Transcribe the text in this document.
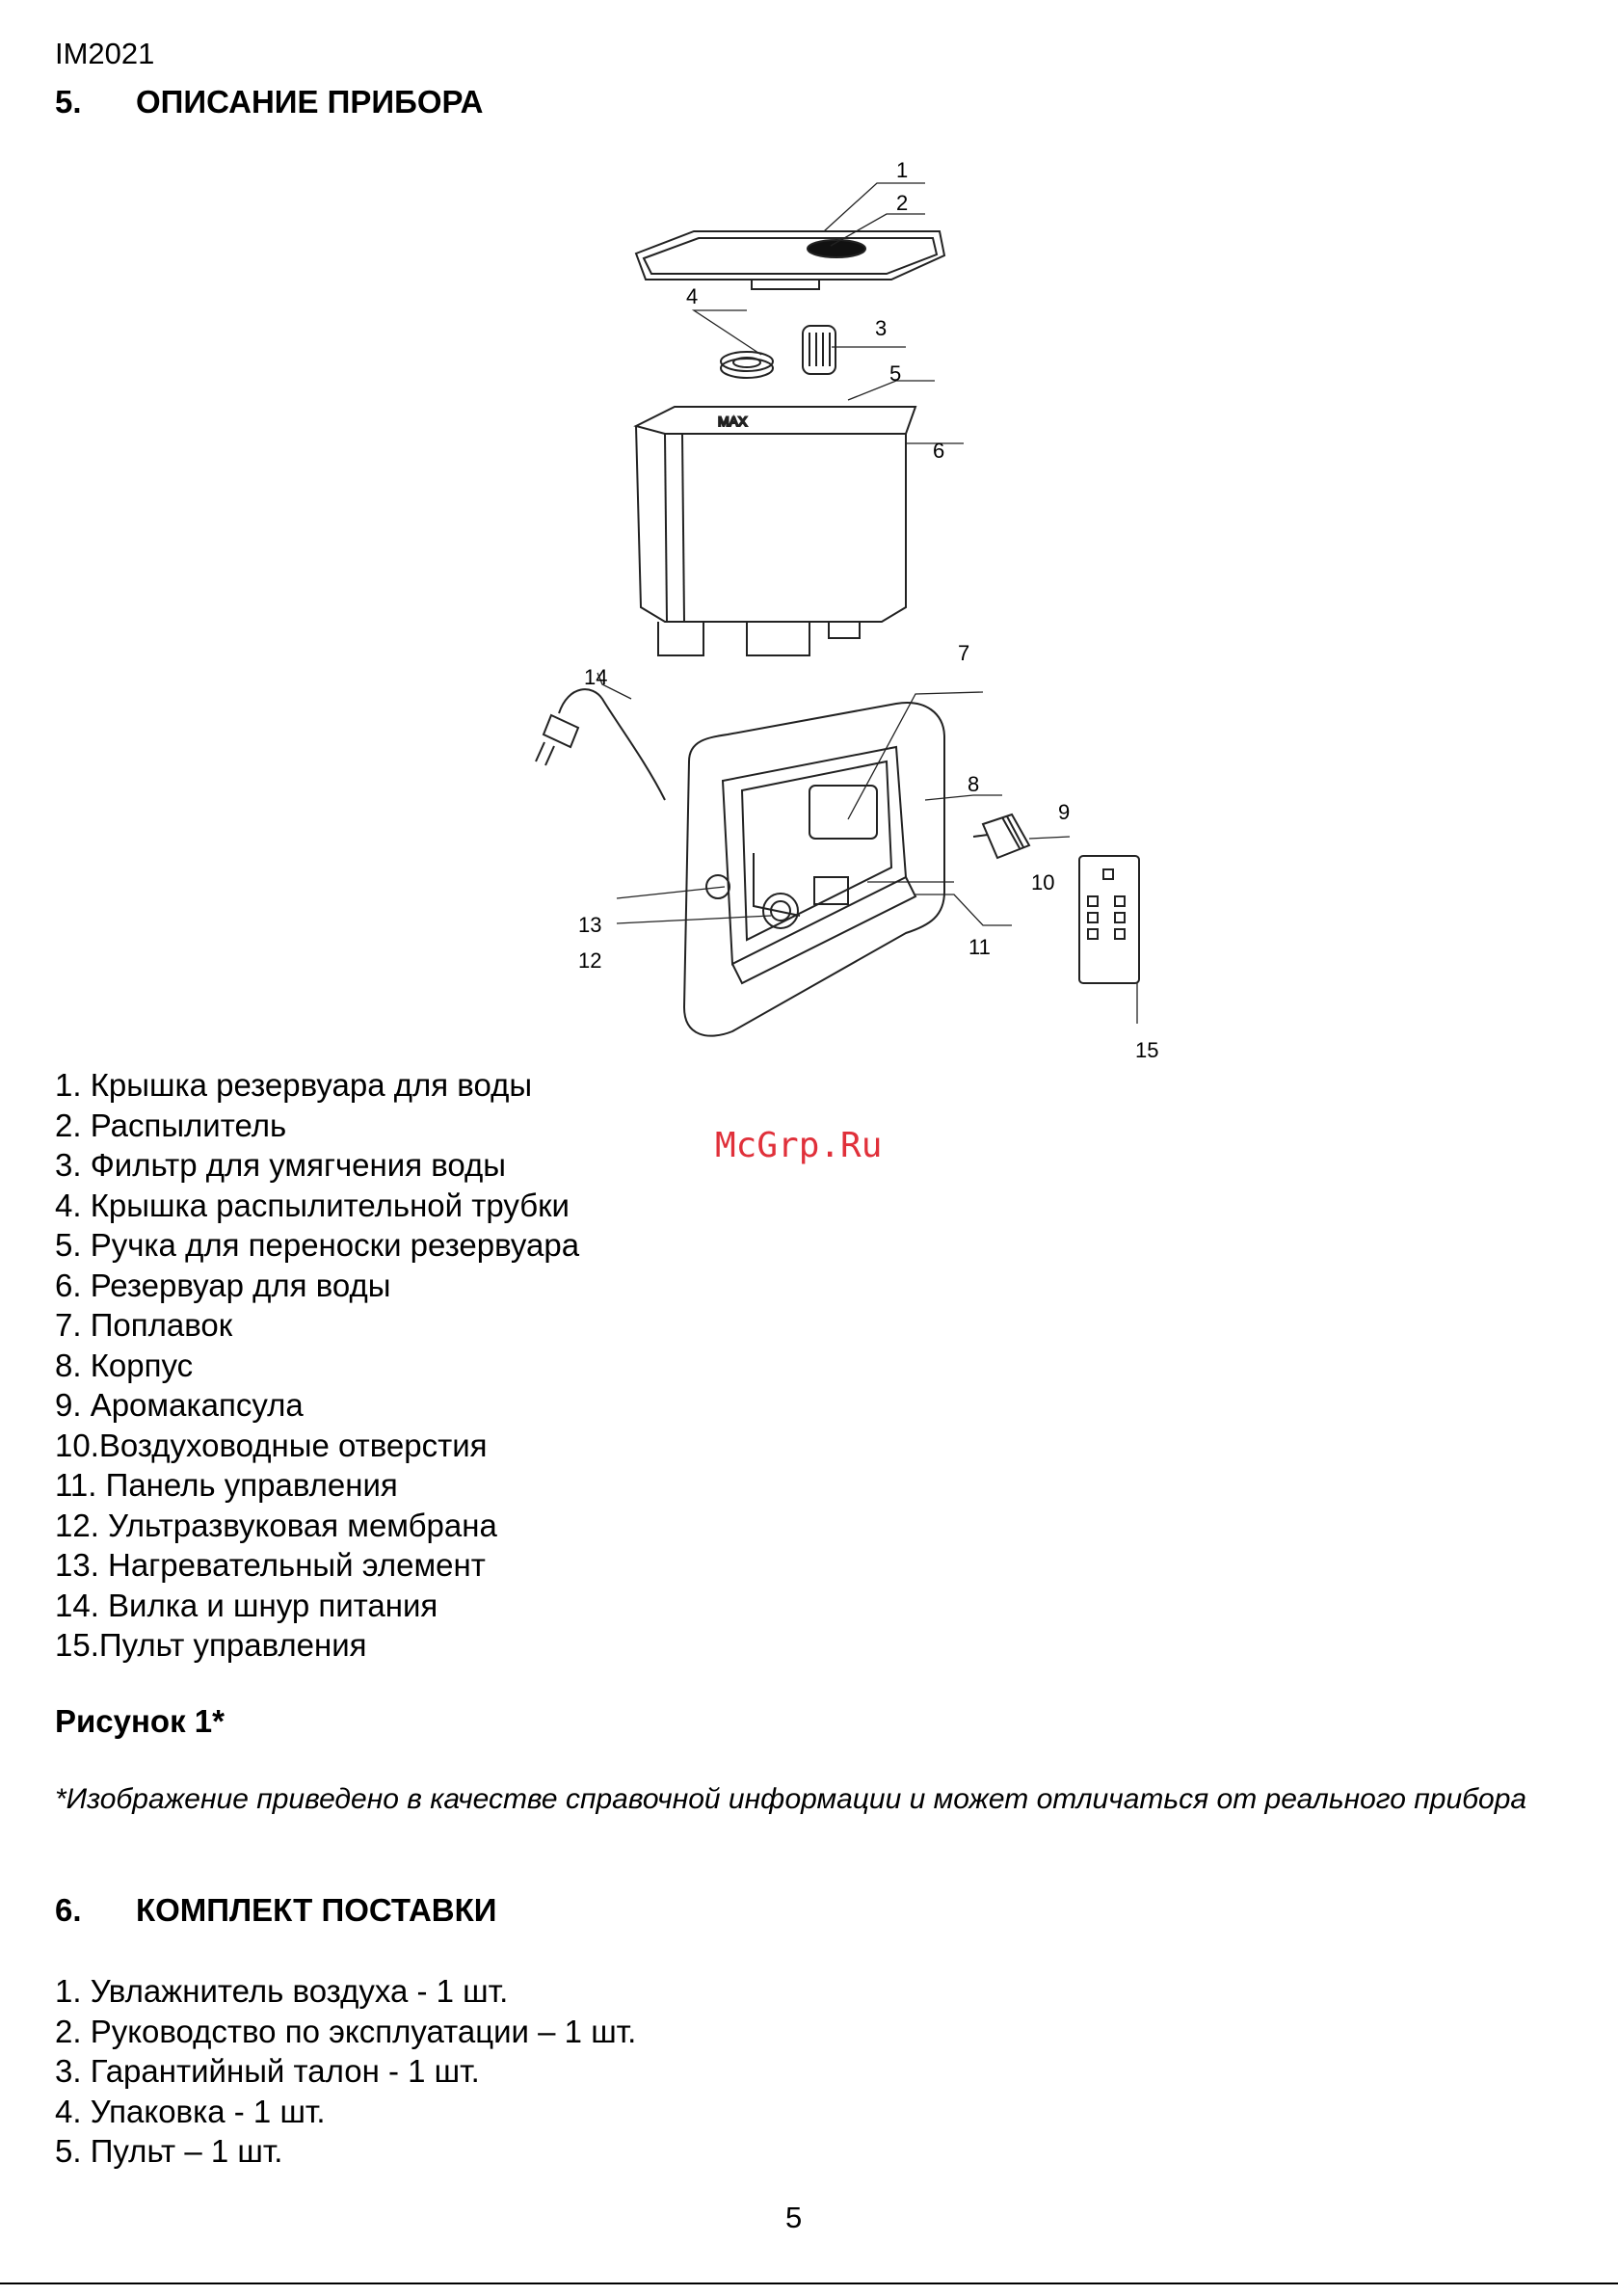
IM2021
5. ОПИСАНИЕ ПРИБОРА
MAX
1
2
3
4
5
6
7
8
9
10
11
12
13
14
15
1. Крышка резервуара для воды
2. Распылитель
3. Фильтр для умягчения воды
4. Крышка распылительной трубки
5. Ручка для переноски резервуара
6. Резервуар для воды
7. Поплавок
8. Корпус
9. Аромакапсула
10.Воздуховодные отверстия
11. Панель управления
12. Ультразвуковая мембрана
13. Нагревательный элемент
14. Вилка и шнур питания
15.Пульт управления
McGrp.Ru
Рисунок 1*
*Изображение приведено в качестве справочной информации и может отличаться от реального прибора
6. КОМПЛЕКТ ПОСТАВКИ
1. Увлажнитель воздуха - 1 шт.
2. Руководство по эксплуатации – 1 шт.
3. Гарантийный талон - 1 шт.
4. Упаковка - 1 шт.
5. Пульт – 1 шт.
5
